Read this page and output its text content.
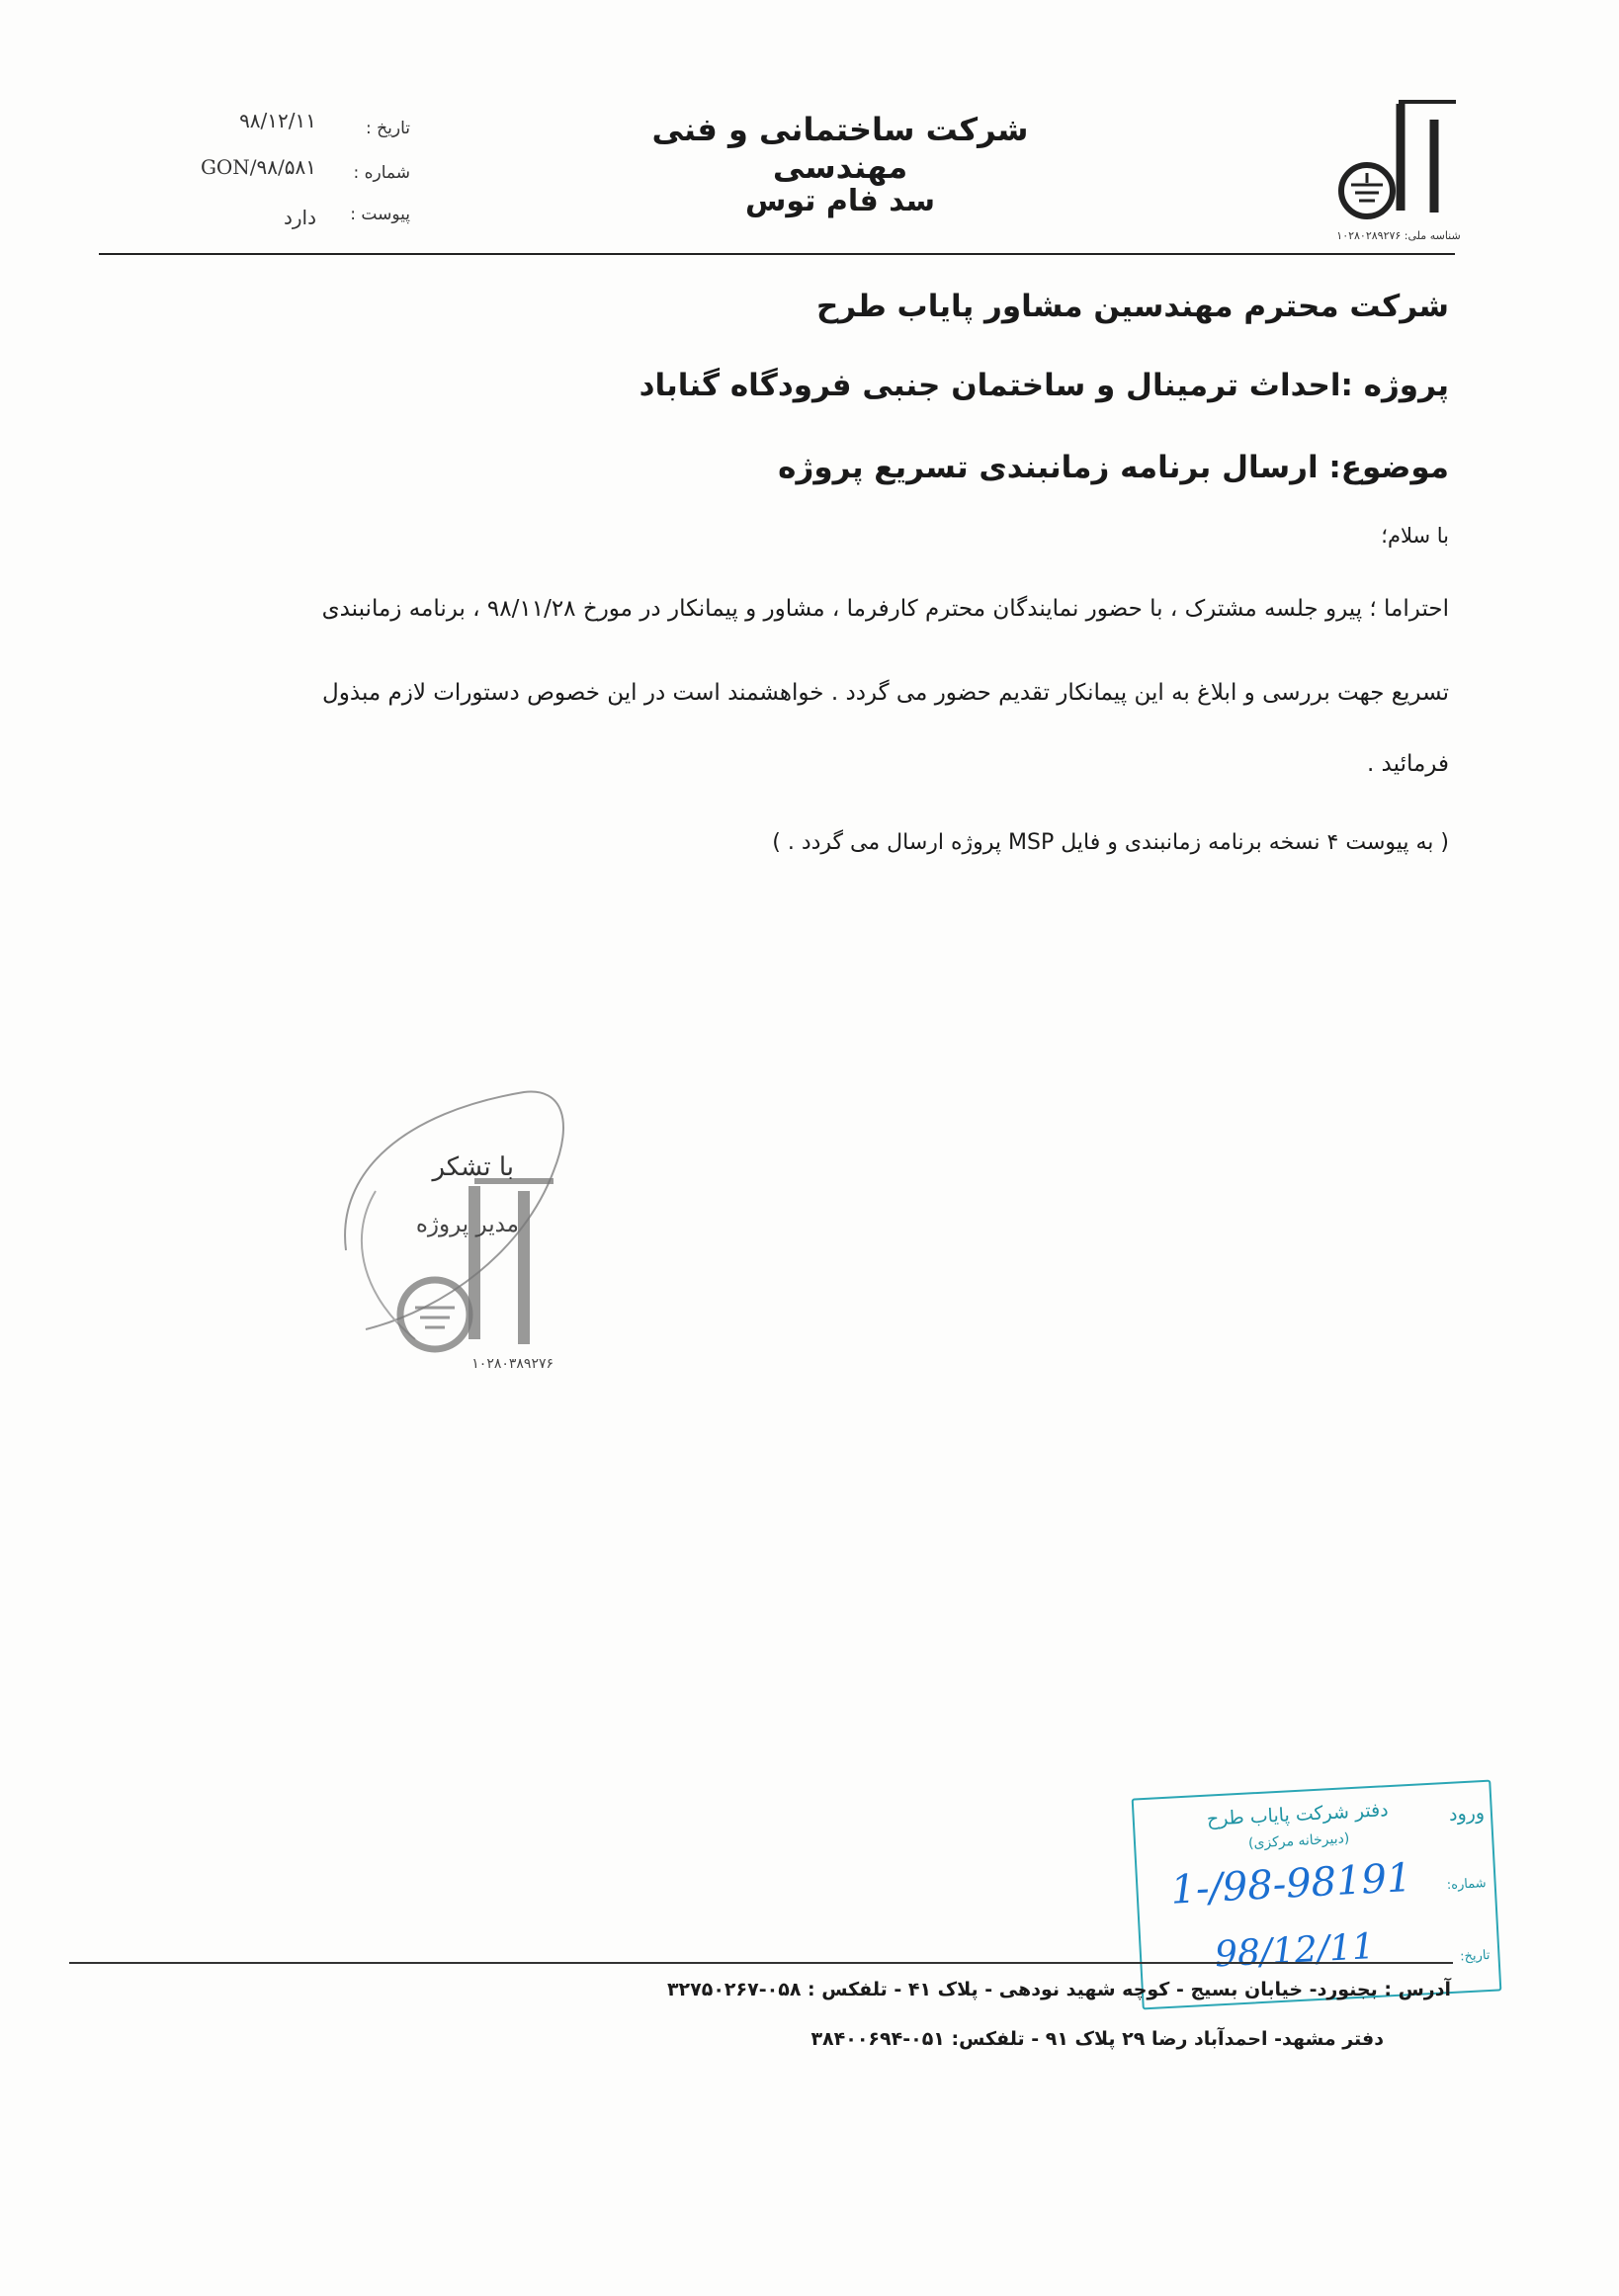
شناسه ملی: ۱۰۲۸۰۲۸۹۲۷۶
شرکت ساختمانی و فنی مهندسی
سد فام توس
تاریخ :
شماره :
پیوست :
۹۸/۱۲/۱۱
GON/۹۸/۵۸۱
دارد
شرکت محترم مهندسین مشاور پایاب طرح
پروژه :احداث ترمینال و ساختمان جنبی فرودگاه گناباد
موضوع: ارسال برنامه زمانبندی تسریع پروژه
با سلام؛
احتراما ؛ پیرو جلسه مشترک ، با حضور نمایندگان محترم کارفرما ، مشاور و پیمانکار در مورخ ۹۸/۱۱/۲۸ ، برنامه زمانبندی
تسریع جهت بررسی و ابلاغ به این پیمانکار تقدیم حضور می گردد . خواهشمند است در این خصوص دستورات لازم مبذول
فرمائید .
( به پیوست ۴ نسخه برنامه زمانبندی و فایل MSP پروژه ارسال می گردد . )
با تشکر
مدیر پروژه
۱۰۲۸۰۳۸۹۲۷۶
ورود
دفتر شرکت پایاب طرح
(دبیرخانه مرکزی)
شماره:
تاریخ:
1-/98-98191
98/12/11
آدرس : بجنورد- خیابان بسیج - کوچه شهید نودهی - پلاک ۴۱ - تلفکس : ۰۵۸-۳۲۷۵۰۲۶۷
دفتر مشهد- احمدآباد رضا ۲۹ پلاک ۹۱ - تلفکس: ۰۵۱-۳۸۴۰۰۶۹۴
